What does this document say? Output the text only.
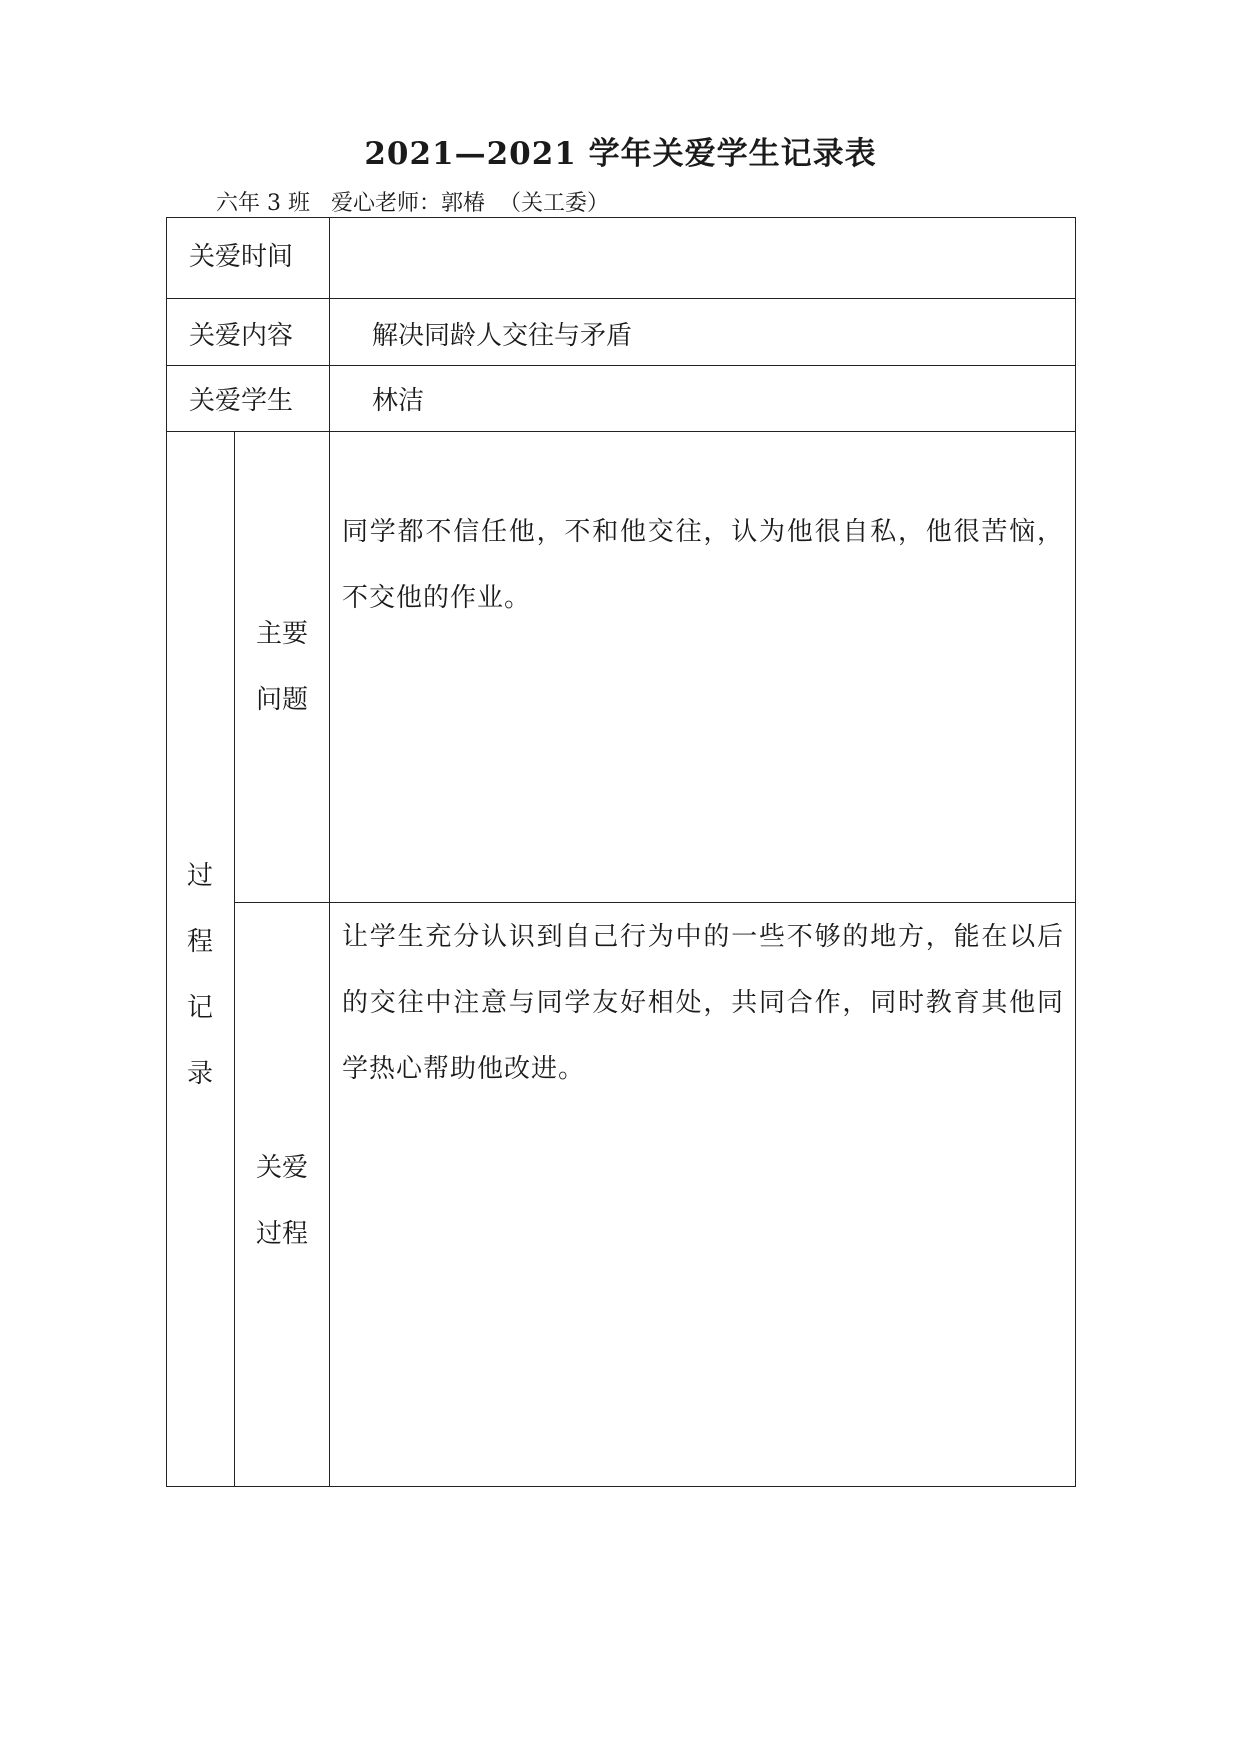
2021—2021 学年关爱学生记录表
六年 3 班   爱心老师：郭椿  （关工委）
关爱时间
关爱内容	解决同龄人交往与矛盾
关爱学生	林洁
过
程
记
录
主要
问题
同学都不信任他，不和他交往，认为他很自私，他很苦恼，不交他的作业。
关爱
过程
让学生充分认识到自己行为中的一些不够的地方，能在以后的交往中注意与同学友好相处，共同合作，同时教育其他同学热心帮助他改进。
